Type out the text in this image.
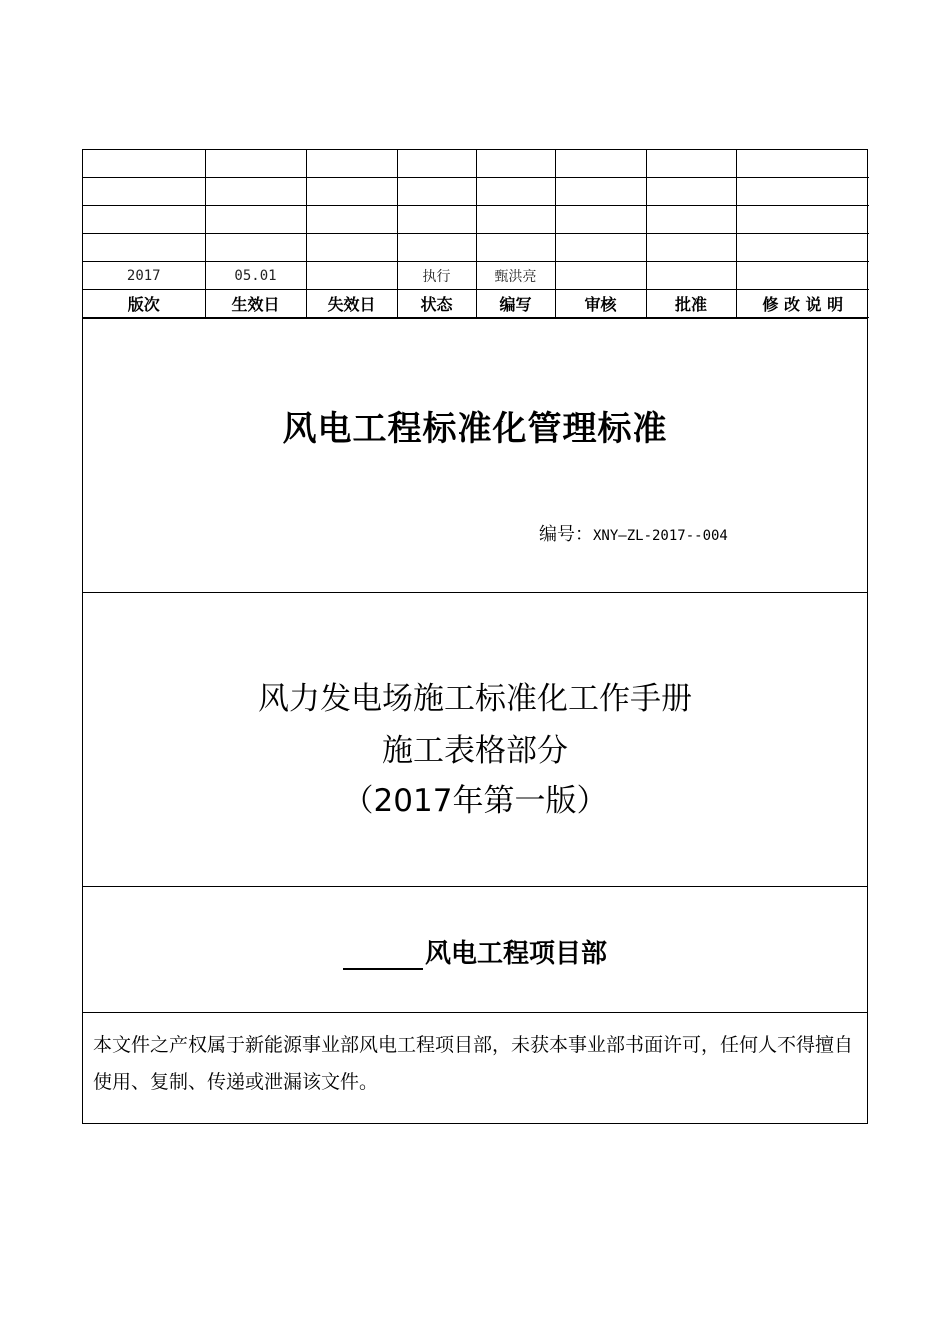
2017	05.01		执行	甄洪亮			
版次	生效日	失效日	状态	编写	审核	批准	修 改 说 明
风电工程标准化管理标准
编号：XNY—ZL-2017--004
风力发电场施工标准化工作手册
施工表格部分
（2017年第一版）
风电工程项目部
本文件之产权属于新能源事业部风电工程项目部，未获本事业部书面许可，任何人不得擅自使用、复制、传递或泄漏该文件。
